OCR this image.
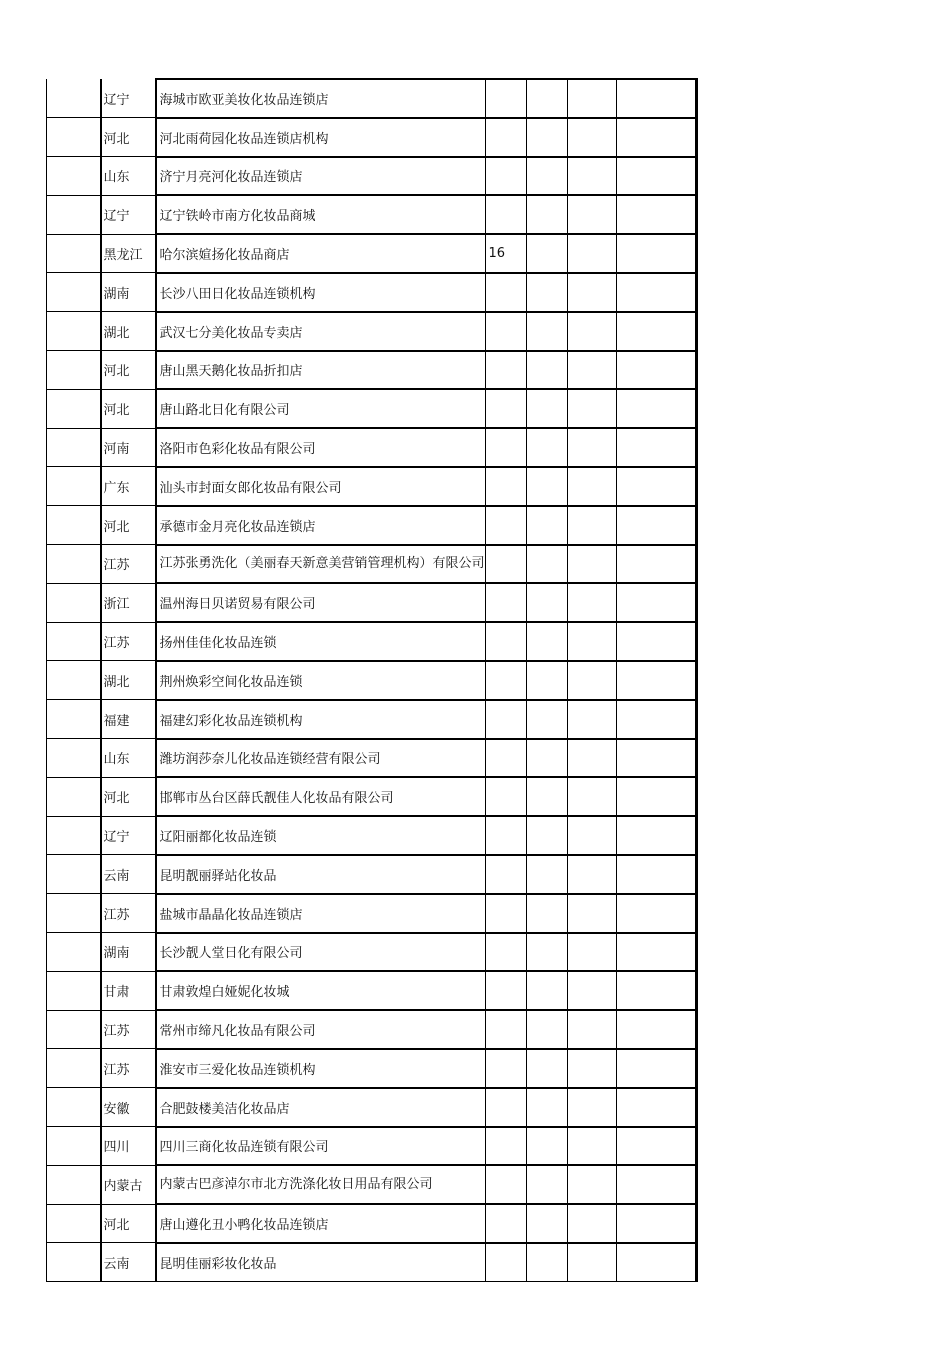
	辽宁	海城市欧亚美妆化妆品连锁店				
	河北	河北雨荷园化妆品连锁店机构				
	山东	济宁月亮河化妆品连锁店				
	辽宁	辽宁铁岭市南方化妆品商城				
	黑龙江	哈尔滨媗扬化妆品商店	16			
	湖南	长沙八田日化妆品连锁机构				
	湖北	武汉七分美化妆品专卖店				
	河北	唐山黑天鹅化妆品折扣店				
	河北	唐山路北日化有限公司				
	河南	洛阳市色彩化妆品有限公司				
	广东	汕头市封面女郎化妆品有限公司				
	河北	承德市金月亮化妆品连锁店				
	江苏	江苏张勇洗化（美丽春天新意美营销管理机构）有限公司				
	浙江	温州海日贝诺贸易有限公司				
	江苏	扬州佳佳化妆品连锁				
	湖北	荆州焕彩空间化妆品连锁				
	福建	福建幻彩化妆品连锁机构				
	山东	潍坊润莎奈儿化妆品连锁经营有限公司				
	河北	邯郸市丛台区薛氏靓佳人化妆品有限公司				
	辽宁	辽阳丽都化妆品连锁				
	云南	昆明靓丽驿站化妆品				
	江苏	盐城市晶晶化妆品连锁店				
	湖南	长沙靓人堂日化有限公司				
	甘肃	甘肃敦煌白娅妮化妆城				
	江苏	常州市缔凡化妆品有限公司				
	江苏	淮安市三爱化妆品连锁机构				
	安徽	合肥鼓楼美洁化妆品店				
	四川	四川三商化妆品连锁有限公司				
	内蒙古	内蒙古巴彦淖尔市北方洗涤化妆日用品有限公司				
	河北	唐山遵化丑小鸭化妆品连锁店				
	云南	昆明佳丽彩妆化妆品				
